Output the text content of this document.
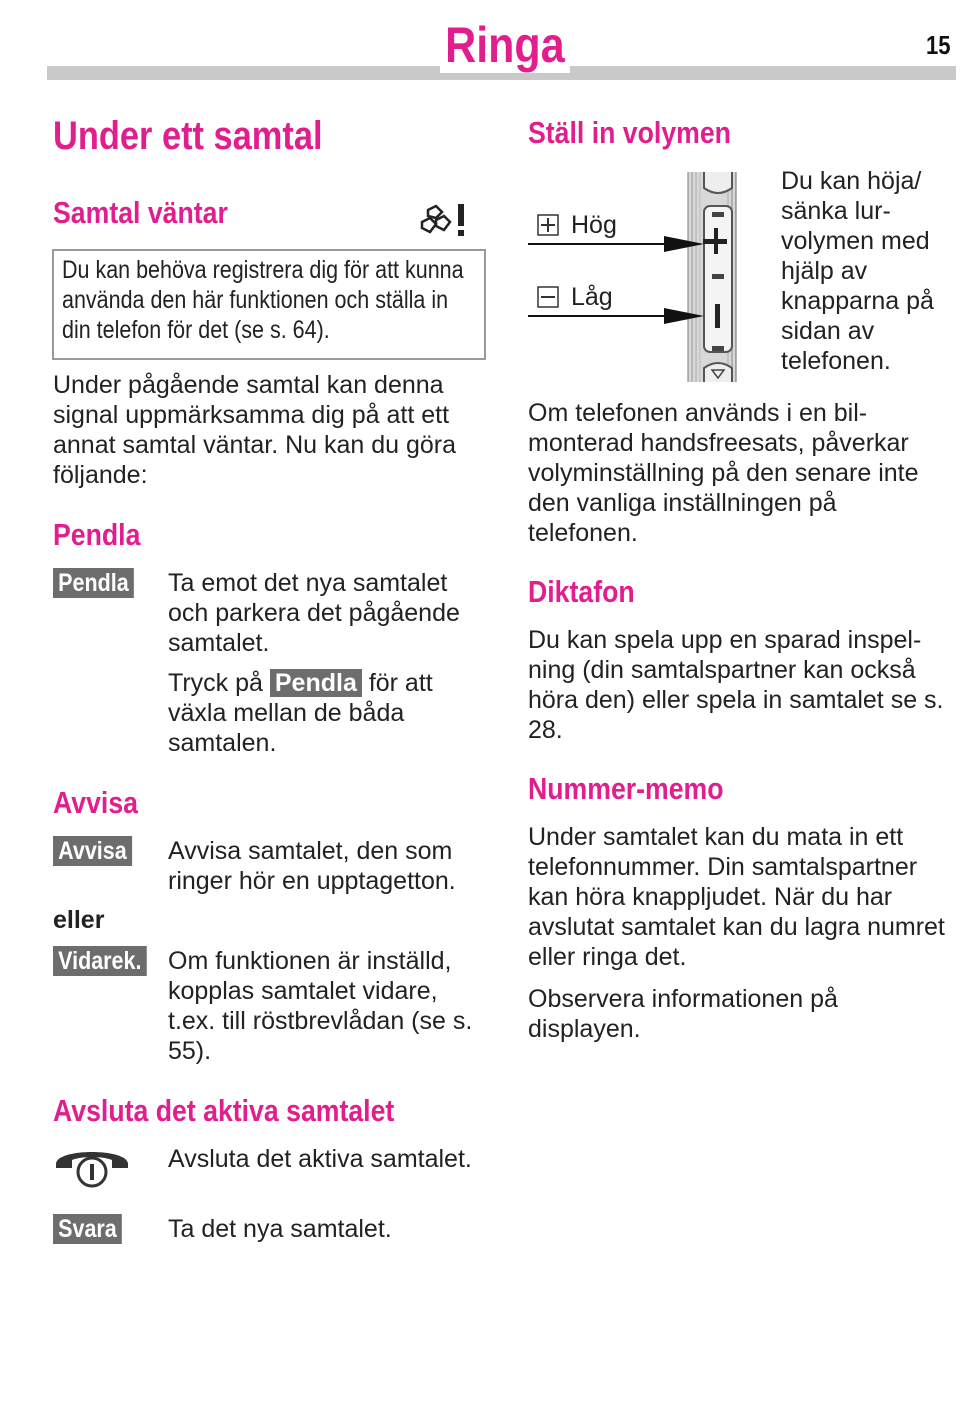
Ringa	15
Under ett samtal
Samtal väntar
Du kan behöva registrera dig för att kunna använda den här funktionen och ställa in din telefon för det (se s. 64).
Under pågående samtal kan denna signal uppmärksamma dig på att ett annat samtal väntar. Nu kan du göra följande:
Pendla
Pendla Ta emot det nya samtalet och parkera det pågående samtalet.
Tryck på Pendla för att växla mellan de båda samtalen.
Avvisa
Avvisa Avvisa samtalet, den som ringer hör en upptagetton.
eller
Vidarek. Om funktionen är inställd, kopplas samtalet vidare, t.ex. till röstbrevlådan (se s. 55).
Avsluta det aktiva samtalet
Avsluta det aktiva samtalet.
Svara Ta det nya samtalet.
Ställ in volymen
Hög
Låg
Du kan höja/ sänka lur-volymen med hjälp av knapparna på sidan av telefonen.
Om telefonen används i en bil-monterad handsfreesats, påverkar volyminställning på den senare inte den vanliga inställningen på telefonen.
Diktafon
Du kan spela upp en sparad inspel-ning (din samtalspartner kan också höra den) eller spela in samtalet se s. 28.
Nummer-memo
Under samtalet kan du mata in ett telefonnummer. Din samtalspartner kan höra knappljudet. När du har avslutat samtalet kan du lagra numret eller ringa det.
Observera informationen på displayen.
